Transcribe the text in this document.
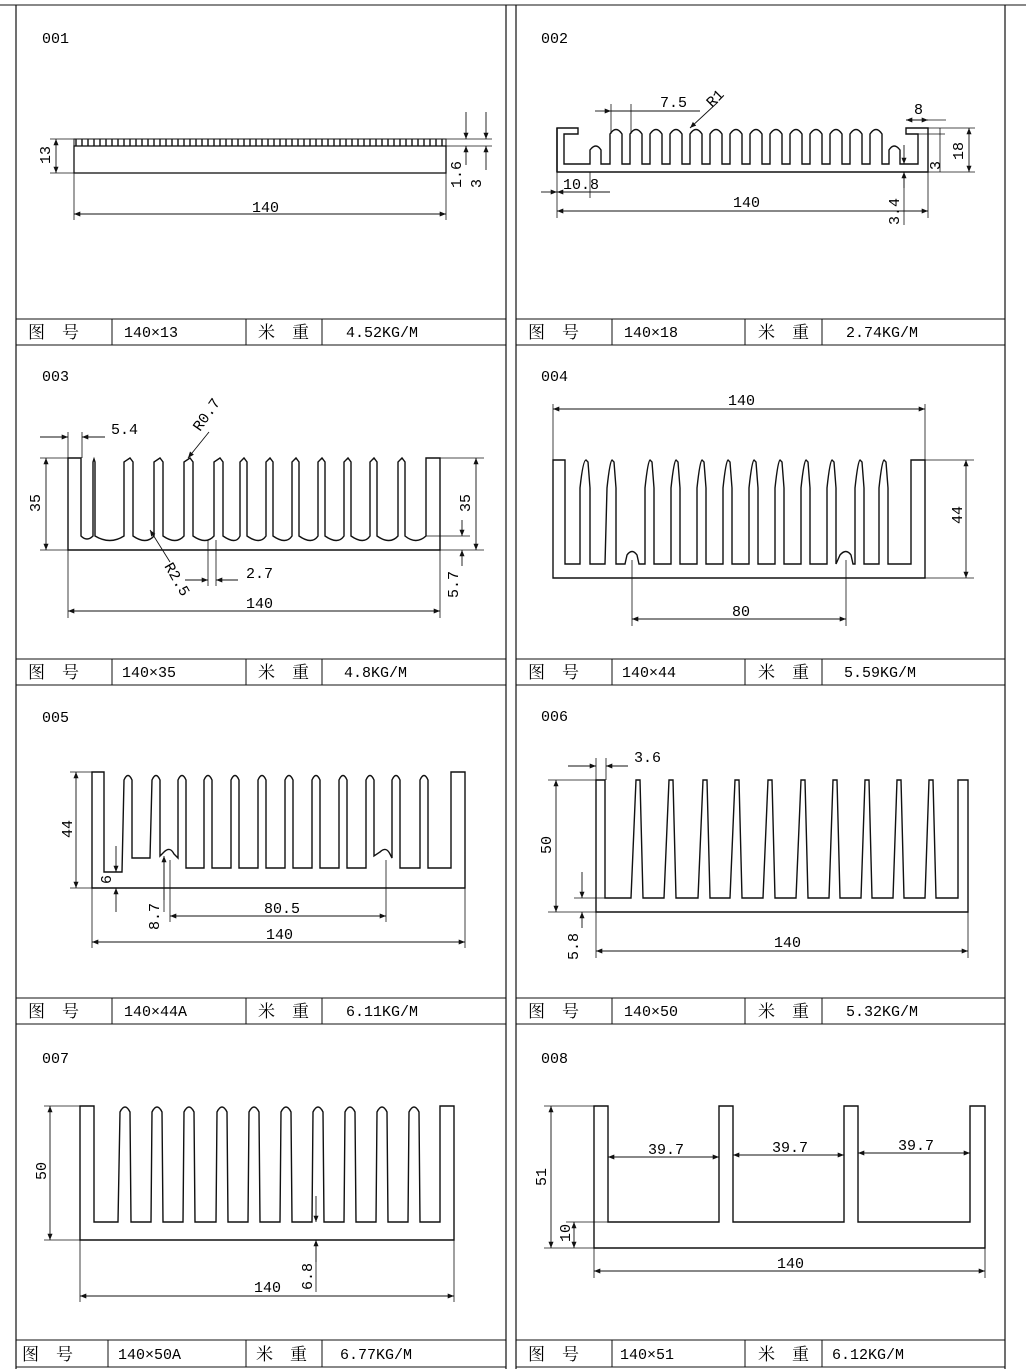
图　号	140×13	米　重 4.52KG/M	图　号	140×18	米　重 2.74KG/M
图　号	140×35	米　重 4.8KG/M	图　号	140×44	米　重 5.59KG/M
图　号	140×44A	米　重 6.11KG/M	图　号	140×50	米　重 5.32KG/M
图　号	140×50A	米　重 6.77KG/M	图　号	140×51	米　重 6.12KG/M
001	002
003	004
005	006
007	008
13
140
1.6 3
7.5 R1	8
18
3
3.4
10.8
140
5.4	R0.7
35	35
R2.5	2.7	5.7
140
140
44
80
44
6
8.7	80.5
140
3.6
50
5.8	140
50
6.8
140
39.7	39.7	39.7
51
10
140
